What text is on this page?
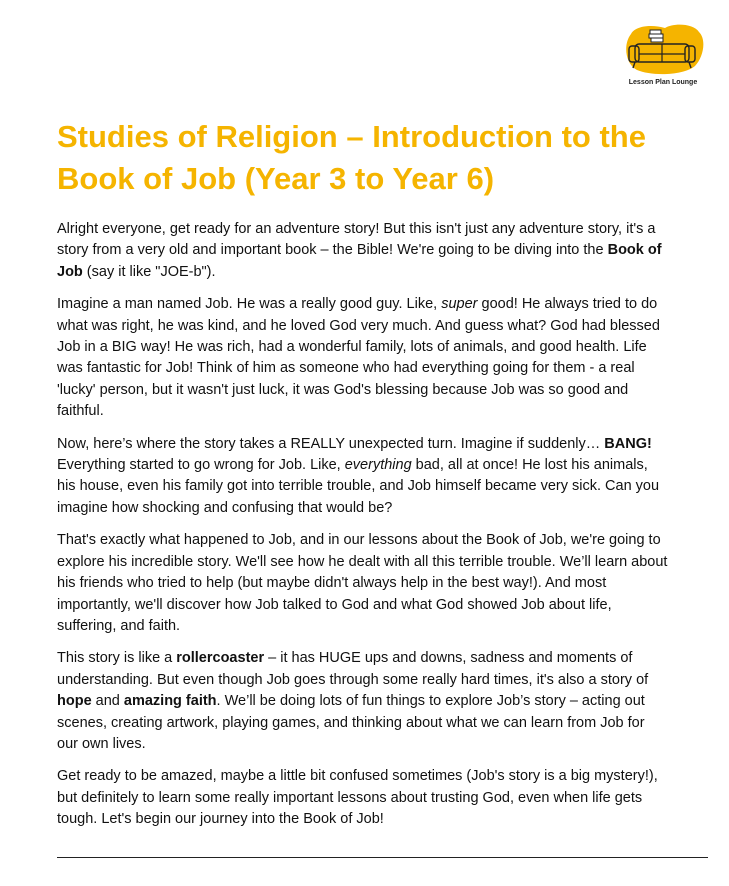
Lesson Plan Lounge
Studies of Religion – Introduction to the Book of Job (Year 3 to Year 6)

Alright everyone, get ready for an adventure story! But this isn't just any adventure story, it's a story from a very old and important book – the Bible! We're going to be diving into the Book of Job (say it like "JOE-b").

Imagine a man named Job. He was a really good guy. Like, super good! He always tried to do what was right, he was kind, and he loved God very much. And guess what? God had blessed Job in a BIG way! He was rich, had a wonderful family, lots of animals, and good health. Life was fantastic for Job! Think of him as someone who had everything going for them - a real 'lucky' person, but it wasn't just luck, it was God's blessing because Job was so good and faithful.

Now, here’s where the story takes a REALLY unexpected turn. Imagine if suddenly… BANG! Everything started to go wrong for Job. Like, everything bad, all at once! He lost his animals, his house, even his family got into terrible trouble, and Job himself became very sick. Can you imagine how shocking and confusing that would be?

That's exactly what happened to Job, and in our lessons about the Book of Job, we're going to explore his incredible story. We'll see how he dealt with all this terrible trouble. We’ll learn about his friends who tried to help (but maybe didn't always help in the best way!). And most importantly, we'll discover how Job talked to God and what God showed Job about life, suffering, and faith.

This story is like a rollercoaster – it has HUGE ups and downs, sadness and moments of understanding. But even though Job goes through some really hard times, it's also a story of hope and amazing faith. We’ll be doing lots of fun things to explore Job’s story – acting out scenes, creating artwork, playing games, and thinking about what we can learn from Job for our own lives.

Get ready to be amazed, maybe a little bit confused sometimes (Job's story is a big mystery!), but definitely to learn some really important lessons about trusting God, even when life gets tough. Let's begin our journey into the Book of Job!
